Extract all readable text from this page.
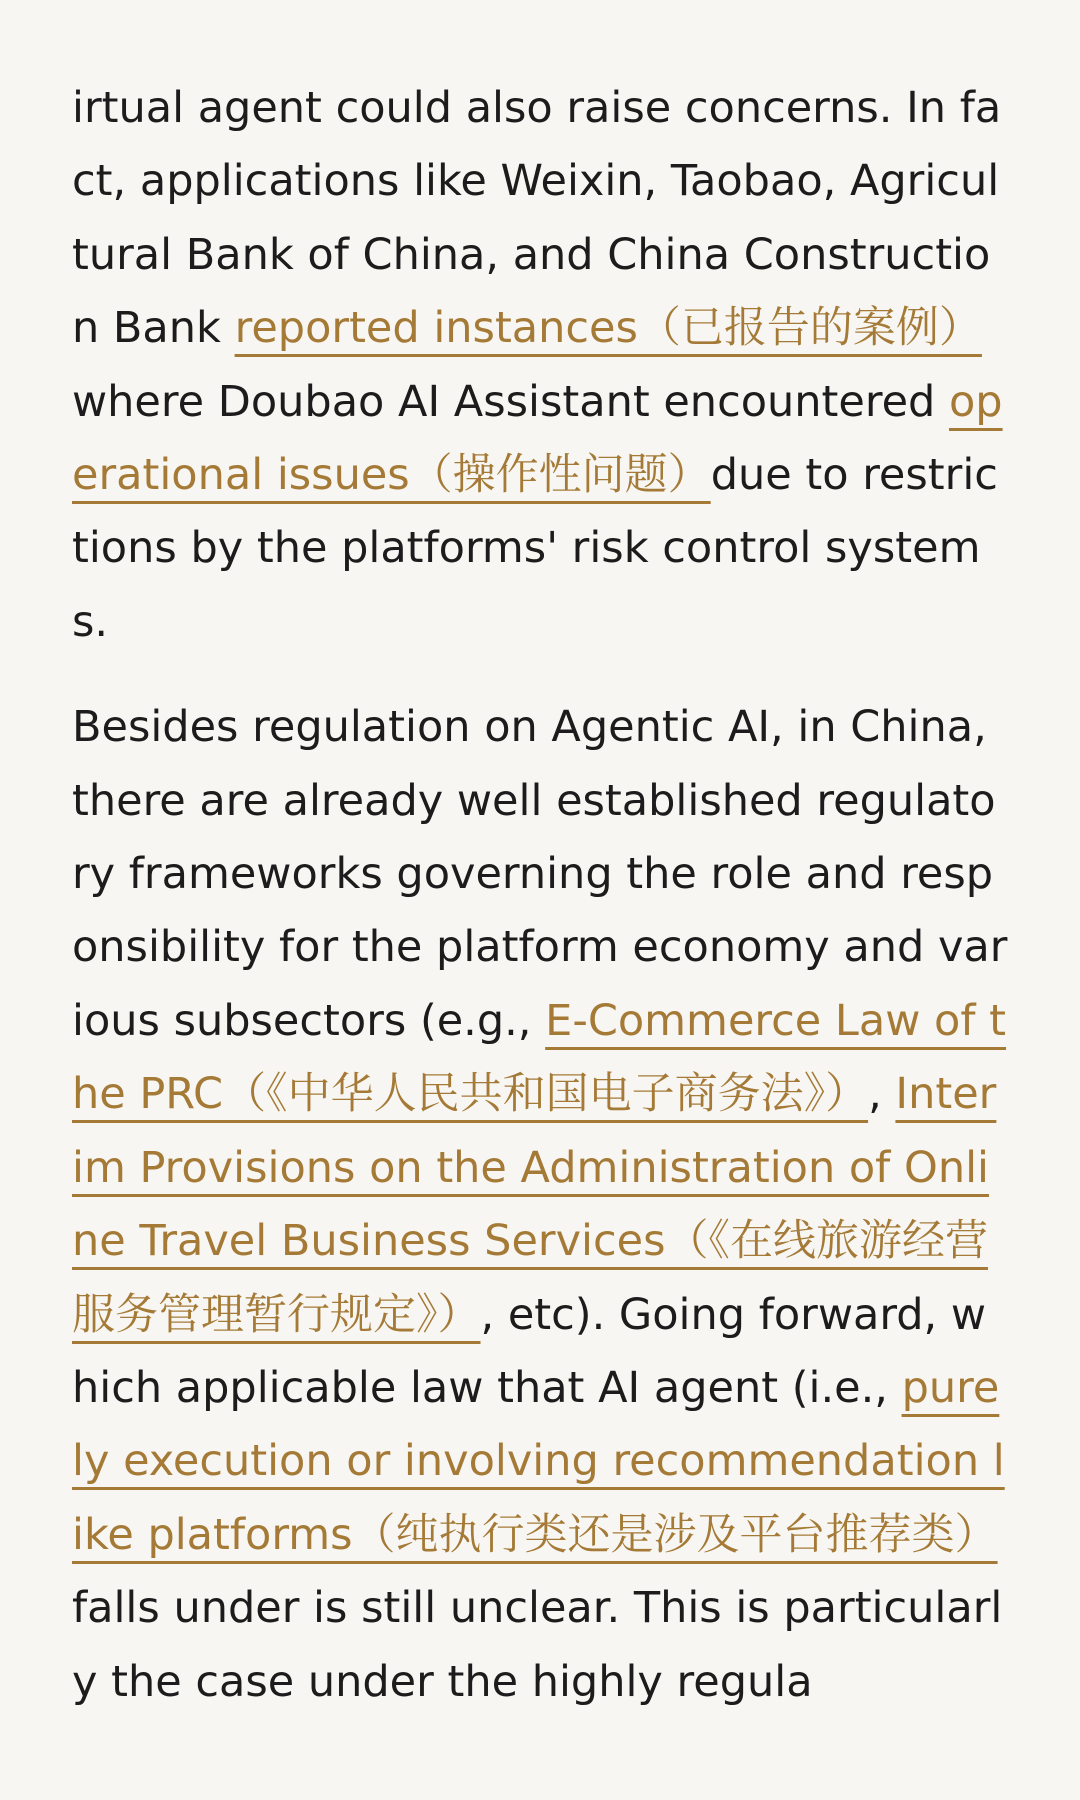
irtual agent could also raise concerns. In fact, applications like Weixin, Taobao, Agricultural Bank of China, and China Construction Bank reported instances（已报告的案例）where Doubao AI Assistant encountered operational issues（操作性问题）due to restrictions by the platforms' risk control systems.

Besides regulation on Agentic AI, in China, there are already well established regulatory frameworks governing the role and responsibility for the platform economy and various subsectors (e.g., E-Commerce Law of the PRC（《中华人民共和国电子商务法》）, Interim Provisions on the Administration of Online Travel Business Services（《在线旅游经营服务管理暂行规定》）, etc). Going forward, which applicable law that AI agent (i.e., purely execution or involving recommendation like platforms（纯执行类还是涉及平台推荐类）falls under is still unclear. This is particularly the case under the highly regula
